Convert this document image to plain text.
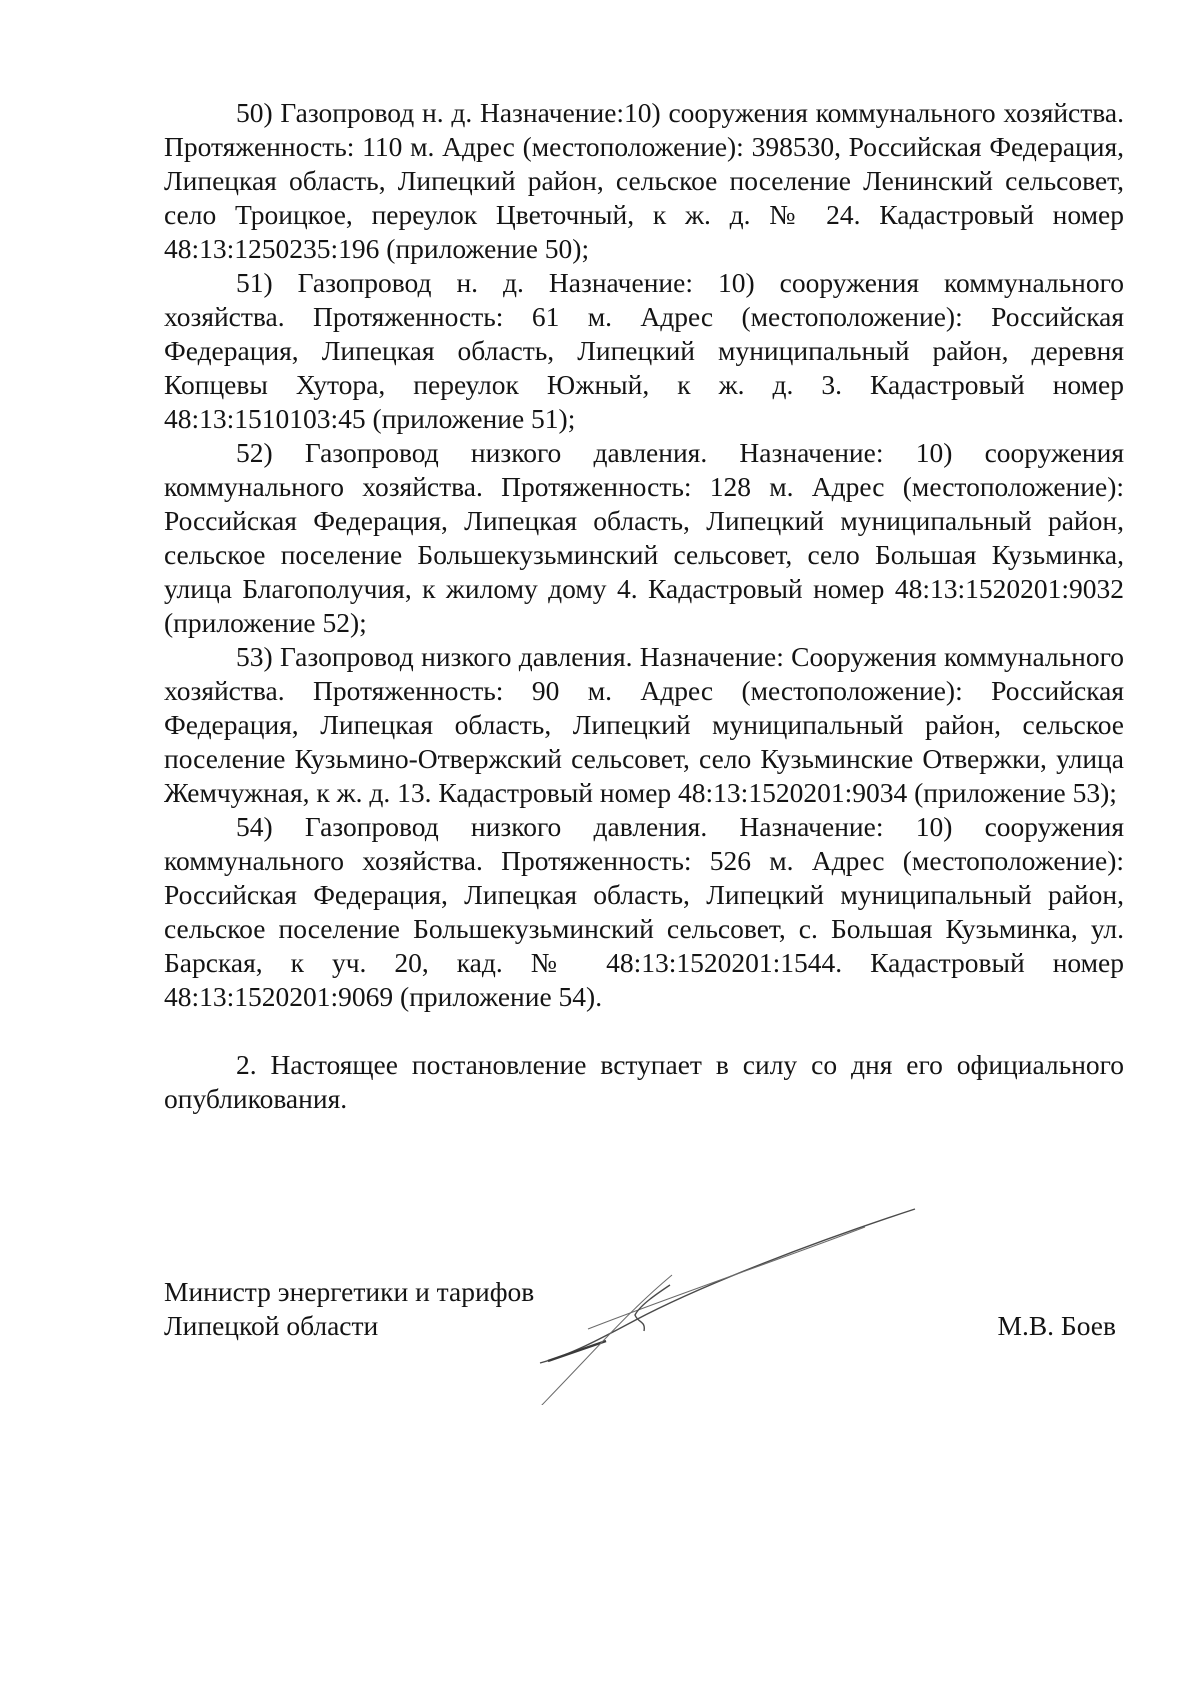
50) Газопровод н. д. Назначение:10) сооружения коммунального хозяйства. Протяженность: 110 м. Адрес (местоположение): 398530, Российская Федерация, Липецкая область, Липецкий район, сельское поселение Ленинский сельсовет, село Троицкое, переулок Цветочный, к ж. д. № 24. Кадастровый номер 48:13:1250235:196 (приложение 50);

51) Газопровод н. д. Назначение: 10) сооружения коммунального хозяйства. Протяженность: 61 м. Адрес (местоположение): Российская Федерация, Липецкая область, Липецкий муниципальный район, деревня Копцевы Хутора, переулок Южный, к ж. д. 3. Кадастровый номер 48:13:1510103:45 (приложение 51);

52) Газопровод низкого давления. Назначение: 10) сооружения коммунального хозяйства. Протяженность: 128 м. Адрес (местоположение): Российская Федерация, Липецкая область, Липецкий муниципальный район, сельское поселение Большекузьминский сельсовет, село Большая Кузьминка, улица Благополучия, к жилому дому 4. Кадастровый номер 48:13:1520201:9032 (приложение 52);

53) Газопровод низкого давления. Назначение: Сооружения коммунального хозяйства. Протяженность: 90 м. Адрес (местоположение): Российская Федерация, Липецкая область, Липецкий муниципальный район, сельское поселение Кузьмино-Отвержский сельсовет, село Кузьминские Отвержки, улица Жемчужная, к ж. д. 13. Кадастровый номер 48:13:1520201:9034 (приложение 53);

54) Газопровод низкого давления. Назначение: 10) сооружения коммунального хозяйства. Протяженность: 526 м. Адрес (местоположение): Российская Федерация, Липецкая область, Липецкий муниципальный район, сельское поселение Большекузьминский сельсовет, с. Большая Кузьминка, ул. Барская, к уч. 20, кад. № 48:13:1520201:1544. Кадастровый номер 48:13:1520201:9069 (приложение 54).

2. Настоящее постановление вступает в силу со дня его официального опубликования.

Министр энергетики и тарифов
Липецкой области	М.В. Боев
